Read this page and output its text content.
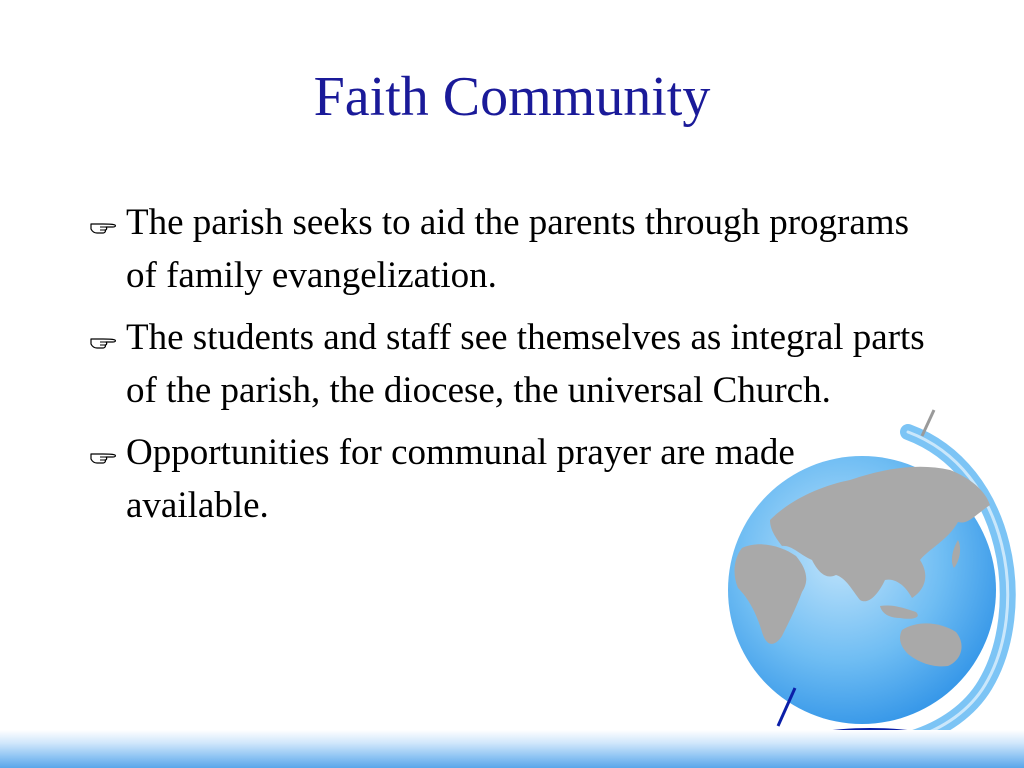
Faith Community
The parish seeks to aid the parents through programs of family evangelization.
The students and staff see themselves as integral parts of the parish, the diocese, the universal Church.
Opportunities for communal prayer are made available.
